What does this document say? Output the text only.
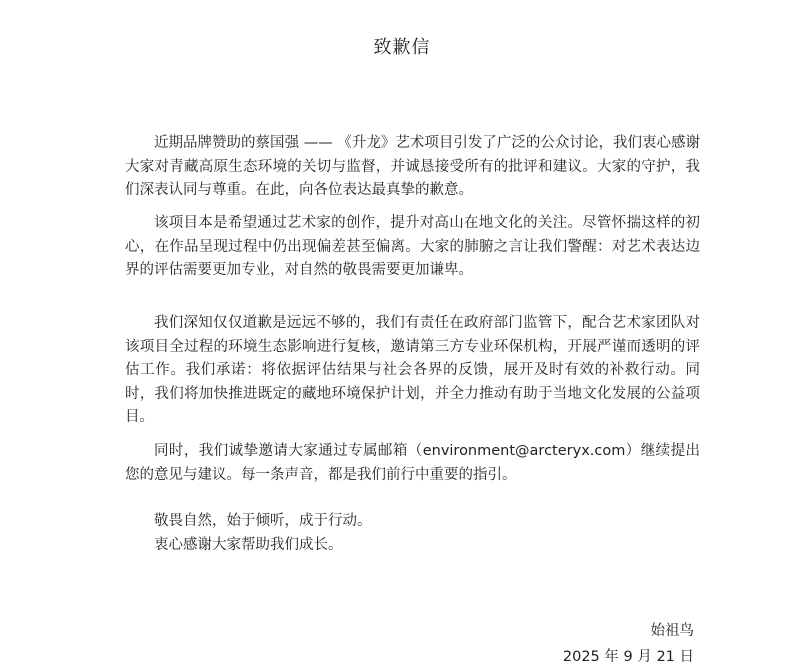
致歉信

近期品牌赞助的蔡国强 —— 《升龙》艺术项目引发了广泛的公众讨论，我们衷心感谢大家对青藏高原生态环境的关切与监督，并诚恳接受所有的批评和建议。大家的守护，我们深表认同与尊重。在此，向各位表达最真挚的歉意。

该项目本是希望通过艺术家的创作，提升对高山在地文化的关注。尽管怀揣这样的初心，在作品呈现过程中仍出现偏差甚至偏离。大家的肺腑之言让我们警醒：对艺术表达边界的评估需要更加专业，对自然的敬畏需要更加谦卑。

我们深知仅仅道歉是远远不够的，我们有责任在政府部门监管下，配合艺术家团队对该项目全过程的环境生态影响进行复核，邀请第三方专业环保机构，开展严谨而透明的评估工作。我们承诺：将依据评估结果与社会各界的反馈，展开及时有效的补救行动。同时，我们将加快推进既定的藏地环境保护计划，并全力推动有助于当地文化发展的公益项目。

同时，我们诚挚邀请大家通过专属邮箱（environment@arcteryx.com）继续提出您的意见与建议。每一条声音，都是我们前行中重要的指引。

敬畏自然，始于倾听，成于行动。
衷心感谢大家帮助我们成长。
始祖鸟
2025 年 9 月 21 日
